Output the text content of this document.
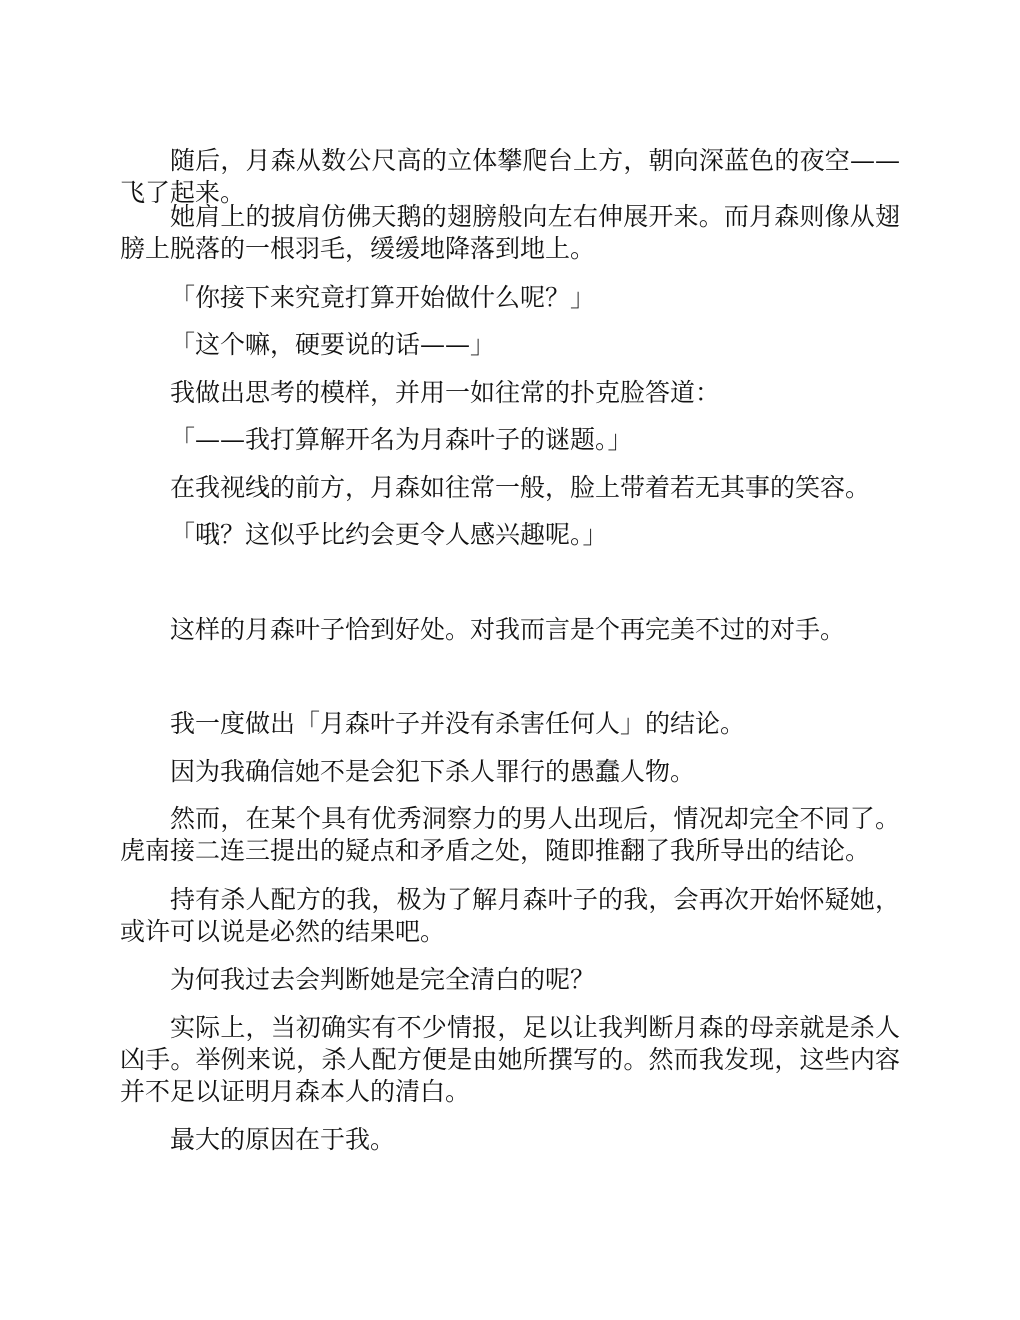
随后，月森从数公尺高的立体攀爬台上方，朝向深蓝色的夜空——飞了起来。

她肩上的披肩仿佛天鹅的翅膀般向左右伸展开来。而月森则像从翅膀上脱落的一根羽毛，缓缓地降落到地上。

「你接下来究竟打算开始做什么呢？」

「这个嘛，硬要说的话——」

我做出思考的模样，并用一如往常的扑克脸答道：

「——我打算解开名为月森叶子的谜题。」

在我视线的前方，月森如往常一般，脸上带着若无其事的笑容。

「哦？这似乎比约会更令人感兴趣呢。」

这样的月森叶子恰到好处。对我而言是个再完美不过的对手。

我一度做出「月森叶子并没有杀害任何人」的结论。

因为我确信她不是会犯下杀人罪行的愚蠢人物。

然而，在某个具有优秀洞察力的男人出现后，情况却完全不同了。虎南接二连三提出的疑点和矛盾之处，随即推翻了我所导出的结论。

持有杀人配方的我，极为了解月森叶子的我，会再次开始怀疑她，或许可以说是必然的结果吧。

为何我过去会判断她是完全清白的呢？

实际上，当初确实有不少情报，足以让我判断月森的母亲就是杀人凶手。举例来说，杀人配方便是由她所撰写的。然而我发现，这些内容并不足以证明月森本人的清白。

最大的原因在于我。
